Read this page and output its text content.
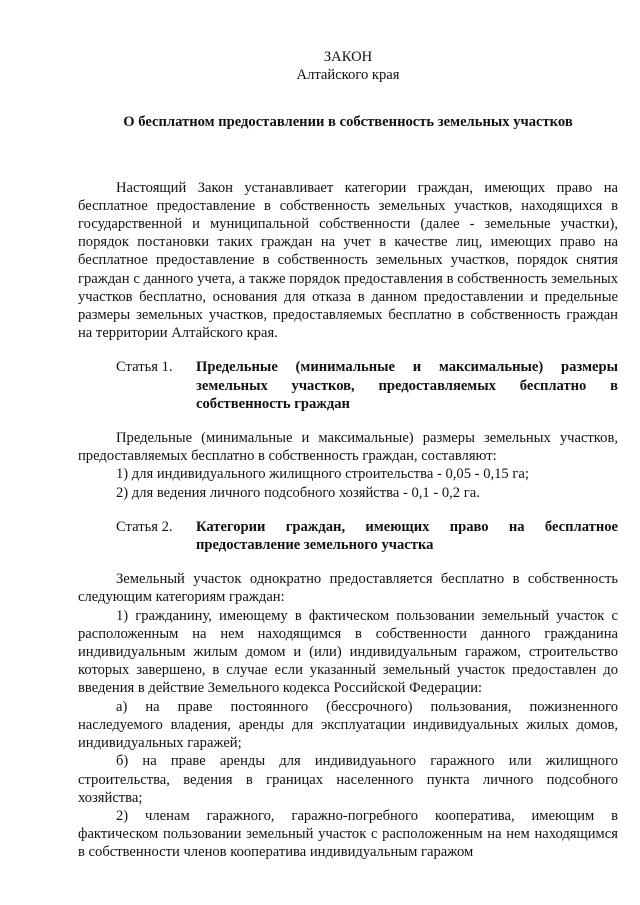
ЗАКОН
Алтайского края
О бесплатном предоставлении в собственность земельных участков

Настоящий Закон устанавливает категории граждан, имеющих право на бесплатное предоставление в собственность земельных участков, находящихся в государственной и муниципальной собственности (далее - земельные участки), порядок постановки таких граждан на учет в качестве лиц, имеющих право на бесплатное предоставление в собственность земельных участков, порядок снятия граждан с данного учета, а также порядок предоставления в собственность земельных участков бесплатно, основания для отказа в данном предоставлении и предельные размеры земельных участков, предоставляемых бесплатно в собственность граждан на территории Алтайского края.

Статья 1.	Предельные (минимальные и максимальные) размеры земельных участков, предоставляемых бесплатно в собственность граждан

Предельные (минимальные и максимальные) размеры земельных участков, предоставляемых бесплатно в собственность граждан, составляют:

1) для индивидуального жилищного строительства - 0,05 - 0,15 га;

2) для ведения личного подсобного хозяйства - 0,1 - 0,2 га.

Статья 2.	Категории граждан, имеющих право на бесплатное предоставление земельного участка

Земельный участок однократно предоставляется бесплатно в собственность следующим категориям граждан:

1) гражданину, имеющему в фактическом пользовании земельный участок с расположенным на нем находящимся в собственности данного гражданина индивидуальным жилым домом и (или) индивидуальным гаражом, строительство которых завершено, в случае если указанный земельный участок предоставлен до введения в действие Земельного кодекса Российской Федерации:

а) на праве постоянного (бессрочного) пользования, пожизненного наследуемого владения, аренды для эксплуатации индивидуальных жилых домов, индивидуальных гаражей;

б) на праве аренды для индивидуаьного гаражного или жилищного строительства, ведения в границах населенного пункта личного подсобного хозяйства;

2) членам гаражного, гаражно-погребного кооператива, имеющим в фактическом пользовании земельный участок с расположенным на нем находящимся в собственности членов кооператива индивидуальным гаражом
